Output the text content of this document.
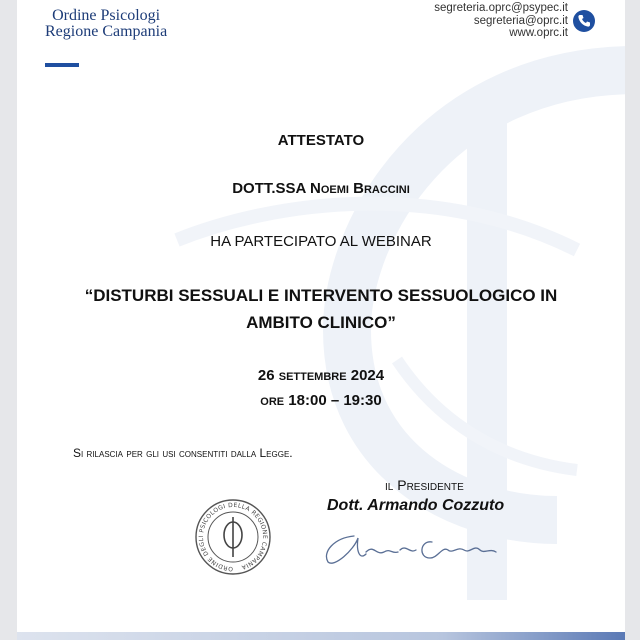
Ordine Psicologi
Regione Campania
segreteria.oprc@psypec.it
segreteria@oprc.it
www.oprc.it
ATTESTATO
DOTT.SSA Noemi Braccini
HA PARTECIPATO AL WEBINAR
“DISTURBI SESSUALI E INTERVENTO SESSUOLOGICO IN
AMBITO CLINICO”
26 settembre 2024
ore 18:00 – 19:30
Si rilascia per gli usi consentiti dalla Legge.
il Presidente
Dott. Armando Cozzuto
ORDINE DEGLI PSICOLOGI DELLA REGIONE CAMPANIA
